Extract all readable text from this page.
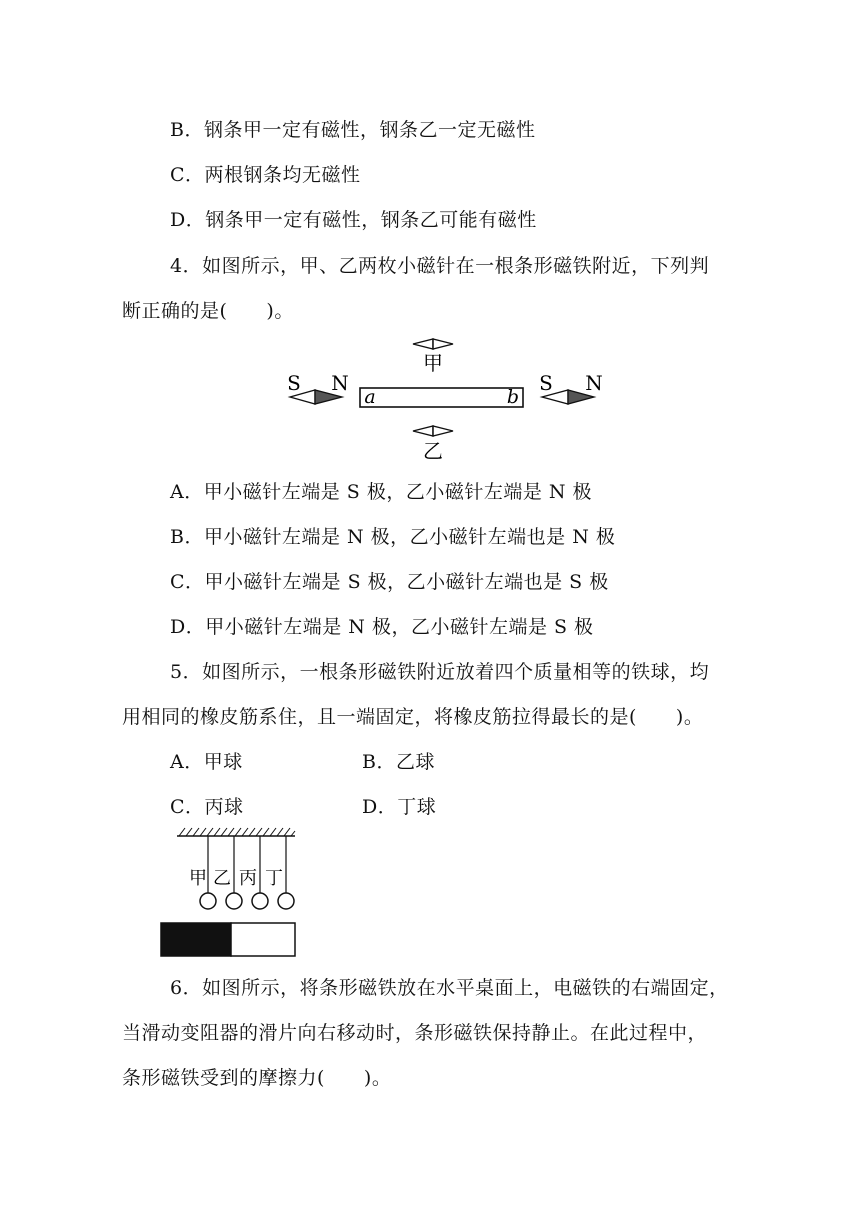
B．钢条甲一定有磁性，钢条乙一定无磁性
C．两根钢条均无磁性
D．钢条甲一定有磁性，钢条乙可能有磁性
4．如图所示，甲、乙两枚小磁针在一根条形磁铁附近，下列判
断正确的是(　　)。
甲
S N
a	b
S N
乙
A．甲小磁针左端是 S 极，乙小磁针左端是 N 极
B．甲小磁针左端是 N 极，乙小磁针左端也是 N 极
C．甲小磁针左端是 S 极，乙小磁针左端也是 S 极
D．甲小磁针左端是 N 极，乙小磁针左端是 S 极
5．如图所示，一根条形磁铁附近放着四个质量相等的铁球，均
用相同的橡皮筋系住，且一端固定，将橡皮筋拉得最长的是(　　)。
A．甲球	B．乙球
C．丙球	D．丁球
甲 乙 丙 丁
6．如图所示，将条形磁铁放在水平桌面上，电磁铁的右端固定，
当滑动变阻器的滑片向右移动时，条形磁铁保持静止。在此过程中，
条形磁铁受到的摩擦力(　　)。
